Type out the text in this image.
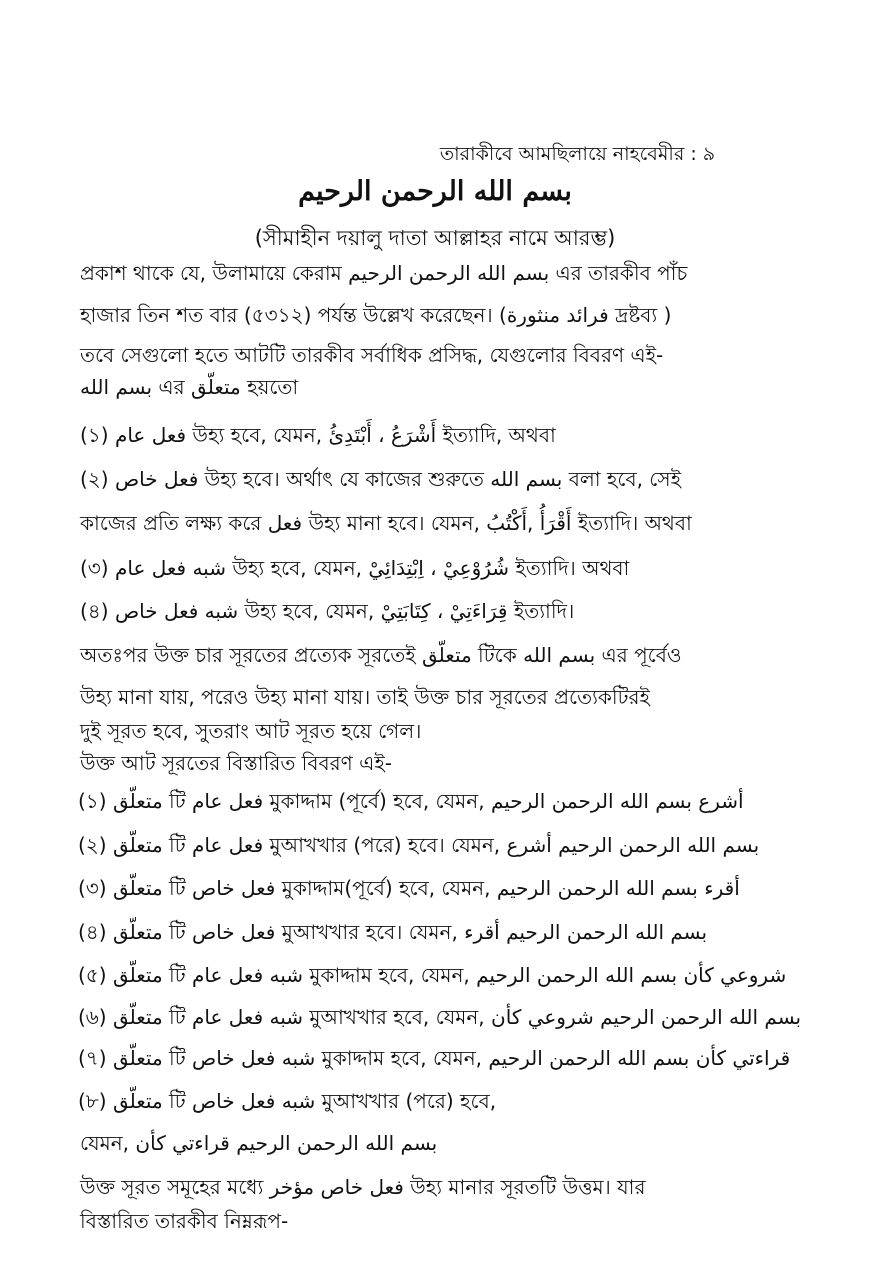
তারাকীবে আমছিলায়ে নাহবেমীর : ৯
بسم الله الرحمن الرحيم
(সীমাহীন দয়ালু দাতা আল্লাহর নামে আরম্ভ)
প্রকাশ থাকে যে, উলামায়ে কেরাম بسم الله الرحمن الرحيم এর তারকীব পাঁচ
হাজার তিন শত বার (৫৩১২) পর্যন্ত উল্লেখ করেছেন। (فرائد منثورة দ্রষ্টব্য )
তবে সেগুলো হতে আটটি তারকীব সর্বাধিক প্রসিদ্ধ, যেগুলোর বিবরণ এই-
بسم الله এর متعلّق হয়তো
(১) فعل عام উহ্য হবে, যেমন, أَشْرَعُ ، أَبْتَدِئُ ইত্যাদি, অথবা
(২) فعل خاص উহ্য হবে। অর্থাৎ যে কাজের শুরুতে بسم الله বলা হবে, সেই
কাজের প্রতি লক্ষ্য করে فعل উহ্য মানা হবে। যেমন, أَقْرَأُ ,أَكْتُبُ ইত্যাদি। অথবা
(৩) شبه فعل عام উহ্য হবে, যেমন, شُرُوْعِيْ ، اِبْتِدَائِيْ ইত্যাদি। অথবা
(৪) شبه فعل خاص উহ্য হবে, যেমন, قِرَاءَتِيْ ، كِتَابَتِيْ ইত্যাদি।
অতঃপর উক্ত চার সূরতের প্রত্যেক সূরতেই متعلّق টিকে بسم الله এর পূর্বেও
উহ্য মানা যায়, পরেও উহ্য মানা যায়। তাই উক্ত চার সূরতের প্রত্যেকটিরই
দুই সূরত হবে, সুতরাং আট সূরত হয়ে গেল।
উক্ত আট সূরতের বিস্তারিত বিবরণ এই-
(১) متعلّق টি فعل عام মুকাদ্দাম (পূর্বে) হবে, যেমন, أشرع بسم الله الرحمن الرحيم
(২) متعلّق টি فعل عام মুআখখার (পরে) হবে। যেমন, بسم الله الرحمن الرحيم أشرع
(৩) متعلّق টি فعل خاص মুকাদ্দাম(পূর্বে) হবে, যেমন, أقرء بسم الله الرحمن الرحيم
(৪) متعلّق টি فعل خاص মুআখখার হবে। যেমন, بسم الله الرحمن الرحيم أقرء
(৫) متعلّق টি شبه فعل عام মুকাদ্দাম হবে, যেমন, شروعي كأن بسم الله الرحمن الرحيم
(৬) متعلّق টি شبه فعل عام মুআখখার হবে, যেমন, بسم الله الرحمن الرحيم شروعي كأن
(৭) متعلّق টি شبه فعل خاص মুকাদ্দাম হবে, যেমন, قراءتي كأن بسم الله الرحمن الرحيم
(৮) متعلّق টি شبه فعل خاص মুআখখার (পরে) হবে,
যেমন, بسم الله الرحمن الرحيم قراءتي كأن
উক্ত সূরত সমূহের মধ্যে فعل خاص مؤخر উহ্য মানার সূরতটি উত্তম। যার
বিস্তারিত তারকীব নিম্নরূপ-
